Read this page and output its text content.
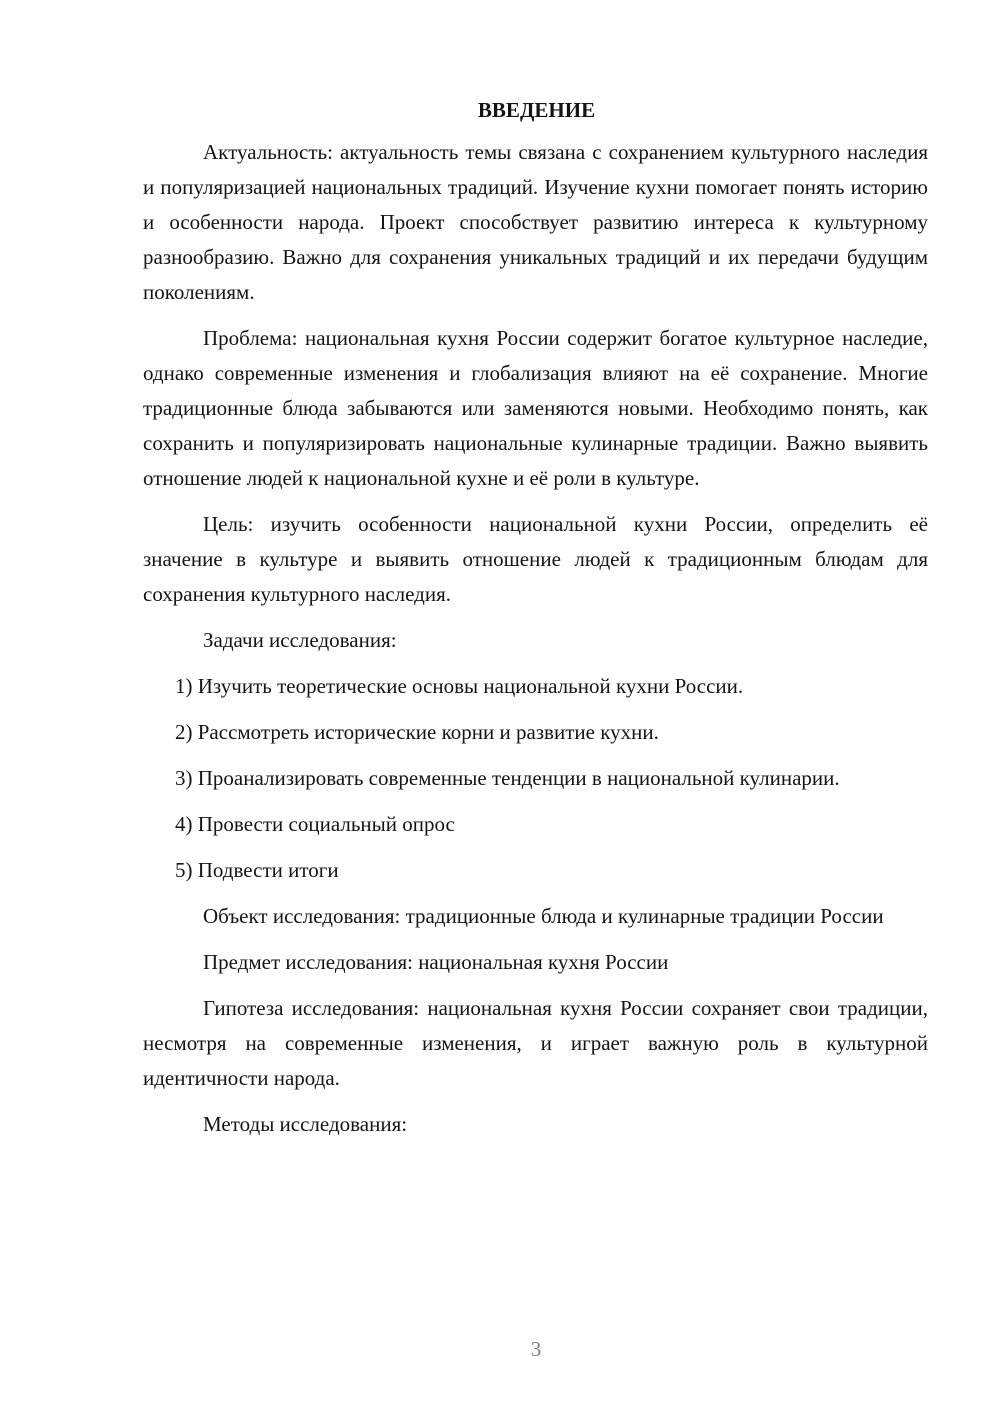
ВВЕДЕНИЕ

Актуальность: актуальность темы связана с сохранением культурного наследия и популяризацией национальных традиций. Изучение кухни помогает понять историю и особенности народа. Проект способствует развитию интереса к культурному разнообразию. Важно для сохранения уникальных традиций и их передачи будущим поколениям.

Проблема: национальная кухня России содержит богатое культурное наследие, однако современные изменения и глобализация влияют на её сохранение. Многие традиционные блюда забываются или заменяются новыми. Необходимо понять, как сохранить и популяризировать национальные кулинарные традиции. Важно выявить отношение людей к национальной кухне и её роли в культуре.

Цель: изучить особенности национальной кухни России, определить её значение в культуре и выявить отношение людей к традиционным блюдам для сохранения культурного наследия.

Задачи исследования:

1) Изучить теоретические основы национальной кухни России.

2) Рассмотреть исторические корни и развитие кухни.

3) Проанализировать современные тенденции в национальной кулинарии.

4) Провести социальный опрос

5) Подвести итоги

Объект исследования: традиционные блюда и кулинарные традиции России

Предмет исследования: национальная кухня России

Гипотеза исследования: национальная кухня России сохраняет свои традиции, несмотря на современные изменения, и играет важную роль в культурной идентичности народа.

Методы исследования:

3
